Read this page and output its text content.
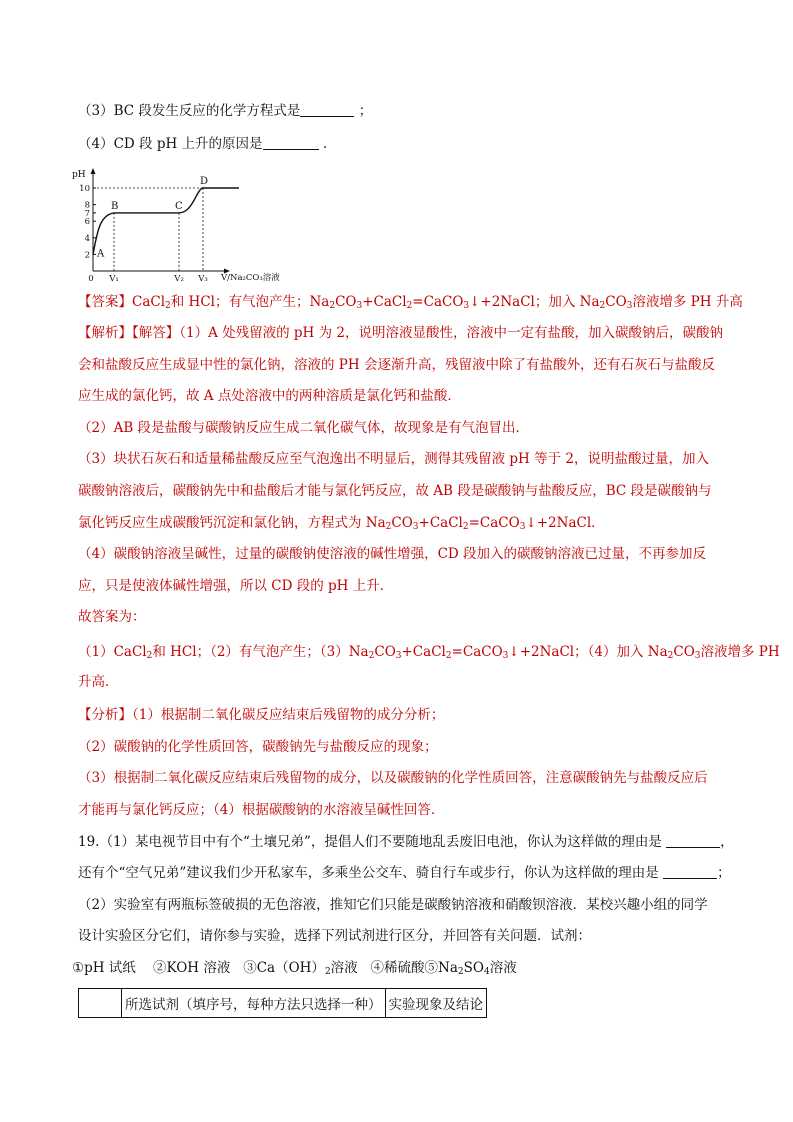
（3）BC 段发生反应的化学方程式是	；
（4）CD 段 pH 上升的原因是	.
pH
2
4
6
7
8
10
0 V₁	V₂ V₃
A
B	C
D
V/Na₂CO₃溶液
【答案】CaCl$_2$和 HCl；有气泡产生；$Na_2CO_3+CaCl_2=CaCO_3↓+2NaCl$；加入 $Na_2CO_3$溶液增多 PH 升高
【解析】【解答】（1）A 处残留液的 pH 为 2，说明溶液显酸性，溶液中一定有盐酸，加入碳酸钠后，碳酸钠
会和盐酸反应生成显中性的氯化钠，溶液的 PH 会逐渐升高，残留液中除了有盐酸外，还有石灰石与盐酸反
应生成的氯化钙，故 A 点处溶液中的两种溶质是氯化钙和盐酸．
（2）AB 段是盐酸与碳酸钠反应生成二氧化碳气体，故现象是有气泡冒出．
（3）块状石灰石和适量稀盐酸反应至气泡逸出不明显后，测得其残留液 pH 等于 2，说明盐酸过量，加入
碳酸钠溶液后，碳酸钠先中和盐酸后才能与氯化钙反应，故 AB 段是碳酸钠与盐酸反应，BC 段是碳酸钠与
氯化钙反应生成碳酸钙沉淀和氯化钠，方程式为 $Na_2CO_3+CaCl_2=CaCO_3↓+2NaCl$．
（4）碳酸钠溶液呈碱性，过量的碳酸钠使溶液的碱性增强，CD 段加入的碳酸钠溶液已过量，不再参加反
应，只是使液体碱性增强，所以 CD 段的 pH 上升．
故答案为：
（1）CaCl$_2$和 HCl；（2）有气泡产生；$(3)Na_2CO_3+CaCl_2=CaCO_3↓+2NaCl$；（4）加入 $Na_2CO_3$溶液增多 PH
升高．
【分析】（1）根据制二氧化碳反应结束后残留物的成分分析；
（2）碳酸钠的化学性质回答，碳酸钠先与盐酸反应的现象；
（3）根据制二氧化碳反应结束后残留物的成分，以及碳酸钠的化学性质回答，注意碳酸钠先与盐酸反应后
才能再与氯化钙反应；（4）根据碳酸钠的水溶液呈碱性回答．
19.（1）某电视节目中有个“土壤兄弟”，提倡人们不要随地乱丢废旧电池，你认为这样做的理由是	，
还有个“空气兄弟”建议我们少开私家车，多乘坐公交车、骑自行车或步行，你认为这样做的理由是	；
（2）实验室有两瓶标签破损的无色溶液，推知它们只能是碳酸钠溶液和硝酸钡溶液．某校兴趣小组的同学
设计实验区分它们，请你参与实验，选择下列试剂进行区分，并回答有关问题．试剂：
①pH 试纸 ②KOH 溶液 $③Ca(OH)_2$溶液 ④稀硫酸$⑤Na_2SO_4$溶液
	所选试剂（填序号，每种方法只选择一种）	实验现象及结论
